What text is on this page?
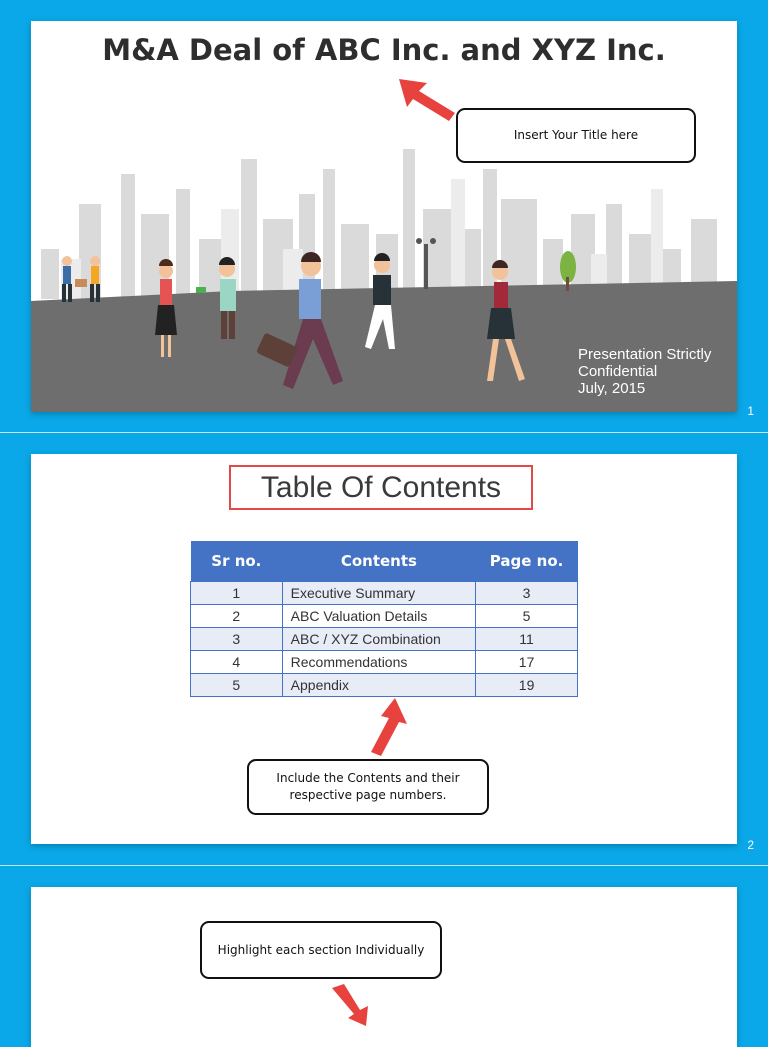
M&A Deal of ABC Inc. and XYZ Inc.
Insert Your Title here
Presentation Strictly
Confidential
July, 2015
1
Table Of Contents
Sr no.	Contents	Page no.
1	Executive Summary	3
2	ABC Valuation Details	5
3	ABC / XYZ Combination	11
4	Recommendations	17
5	Appendix	19
Include the Contents and their
respective page numbers.
2
Highlight each section Individually
